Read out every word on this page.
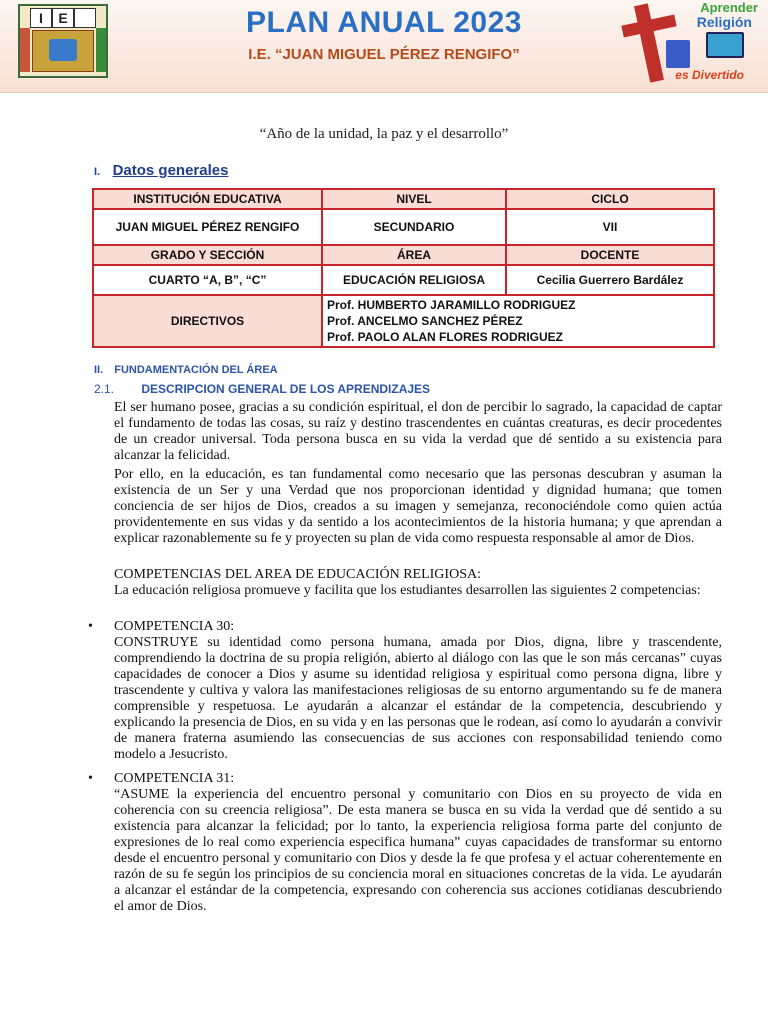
I	E	PLAN ANUAL 2023
I.E. “JUAN MIGUEL PÉREZ RENGIFO”
Aprender
Religión
es Divertido
“Año de la unidad, la paz y el desarrollo”
I. Datos generales
INSTITUCIÓN EDUCATIVA	NIVEL	CICLO
JUAN MIGUEL PÉREZ RENGIFO	SECUNDARIO	VII
GRADO Y SECCIÓN	ÁREA	DOCENTE
CUARTO “A, B”, “C”	EDUCACIÓN RELIGIOSA	Cecilia Guerrero Bardález
DIRECTIVOS	Prof. HUMBERTO JARAMILLO RODRIGUEZ
Prof. ANCELMO SANCHEZ PÉREZ
Prof. PAOLO ALAN FLORES RODRIGUEZ	
II. FUNDAMENTACIÓN DEL ÁREA
2.1. DESCRIPCION GENERAL DE LOS APRENDIZAJES
El ser humano posee, gracias a su condición espiritual, el don de percibir lo sagrado, la capacidad de captar el fundamento de todas las cosas, su raíz y destino trascendentes en cuántas creaturas, es decir procedentes de un creador universal. Toda persona busca en su vida la verdad que dé sentido a su existencia para alcanzar la felicidad.
Por ello, en la educación, es tan fundamental como necesario que las personas descubran y asuman la existencia de un Ser y una Verdad que nos proporcionan identidad y dignidad humana; que tomen conciencia de ser hijos de Dios, creados a su imagen y semejanza, reconociéndole como quien actúa providentemente en sus vidas y da sentido a los acontecimientos de la historia humana; y que aprendan a explicar razonablemente su fe y proyecten su plan de vida como respuesta responsable al amor de Dios.
COMPETENCIAS DEL AREA DE EDUCACIÓN RELIGIOSA:
La educación religiosa promueve y facilita que los estudiantes desarrollen las siguientes 2 competencias:
• COMPETENCIA 30:
CONSTRUYE su identidad como persona humana, amada por Dios, digna, libre y trascendente, comprendiendo la doctrina de su propia religión, abierto al diálogo con las que le son más cercanas” cuyas capacidades de conocer a Dios y asume su identidad religiosa y espiritual como persona digna, libre y trascendente y cultiva y valora las manifestaciones religiosas de su entorno argumentando su fe de manera comprensible y respetuosa. Le ayudarán a alcanzar el estándar de la competencia, descubriendo y explicando la presencia de Dios, en su vida y en las personas que le rodean, así como lo ayudarán a convivir de manera fraterna asumiendo las consecuencias de sus acciones con responsabilidad teniendo como modelo a Jesucristo.
• COMPETENCIA 31:
“ASUME la experiencia del encuentro personal y comunitario con Dios en su proyecto de vida en coherencia con su creencia religiosa”. De esta manera se busca en su vida la verdad que dé sentido a su existencia para alcanzar la felicidad; por lo tanto, la experiencia religiosa forma parte del conjunto de expresiones de lo real como experiencia especifica humana” cuyas capacidades de transformar su entorno desde el encuentro personal y comunitario con Dios y desde la fe que profesa y el actuar coherentemente en razón de su fe según los principios de su conciencia moral en situaciones concretas de la vida. Le ayudarán a alcanzar el estándar de la competencia, expresando con coherencia sus acciones cotidianas descubriendo el amor de Dios.
